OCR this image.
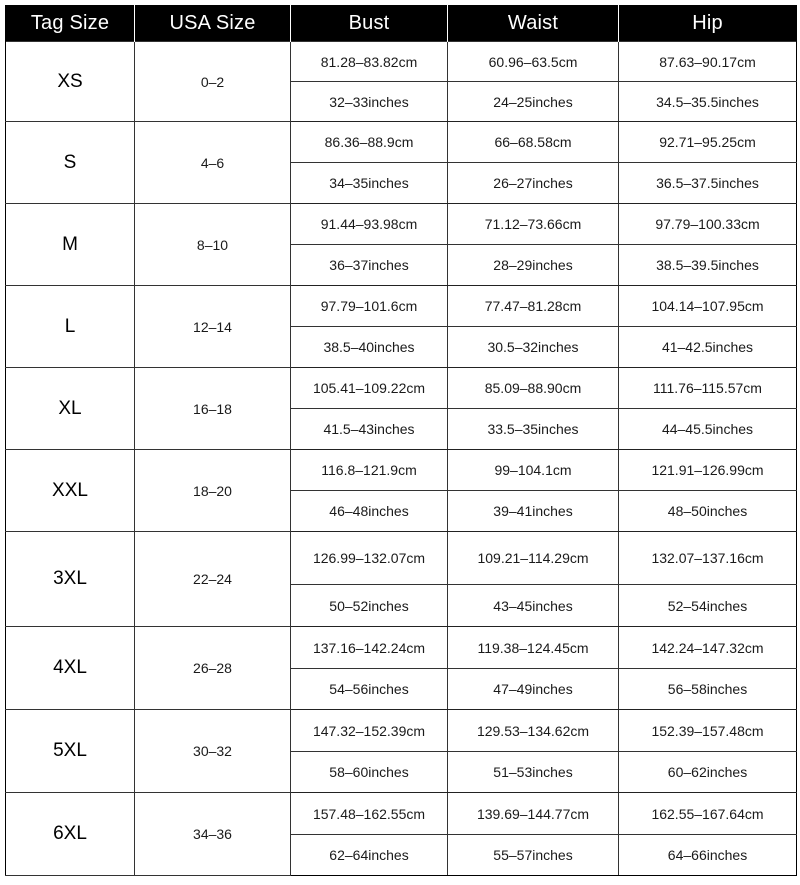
Tag Size	USA Size	Bust	Waist	Hip
XS	0–2	81.28–83.82cm	60.96–63.5cm	87.63–90.17cm
		32–33inches	24–25inches	34.5–35.5inches
S	4–6	86.36–88.9cm	66–68.58cm	92.71–95.25cm
		34–35inches	26–27inches	36.5–37.5inches
M	8–10	91.44–93.98cm	71.12–73.66cm	97.79–100.33cm
		36–37inches	28–29inches	38.5–39.5inches
L	12–14	97.79–101.6cm	77.47–81.28cm	104.14–107.95cm
		38.5–40inches	30.5–32inches	41–42.5inches
XL	16–18	105.41–109.22cm	85.09–88.90cm	111.76–115.57cm
		41.5–43inches	33.5–35inches	44–45.5inches
XXL	18–20	116.8–121.9cm	99–104.1cm	121.91–126.99cm
		46–48inches	39–41inches	48–50inches
3XL	22–24	126.99–132.07cm	109.21–114.29cm	132.07–137.16cm
		50–52inches	43–45inches	52–54inches
4XL	26–28	137.16–142.24cm	119.38–124.45cm	142.24–147.32cm
		54–56inches	47–49inches	56–58inches
5XL	30–32	147.32–152.39cm	129.53–134.62cm	152.39–157.48cm
		58–60inches	51–53inches	60–62inches
6XL	34–36	157.48–162.55cm	139.69–144.77cm	162.55–167.64cm
		62–64inches	55–57inches	64–66inches
